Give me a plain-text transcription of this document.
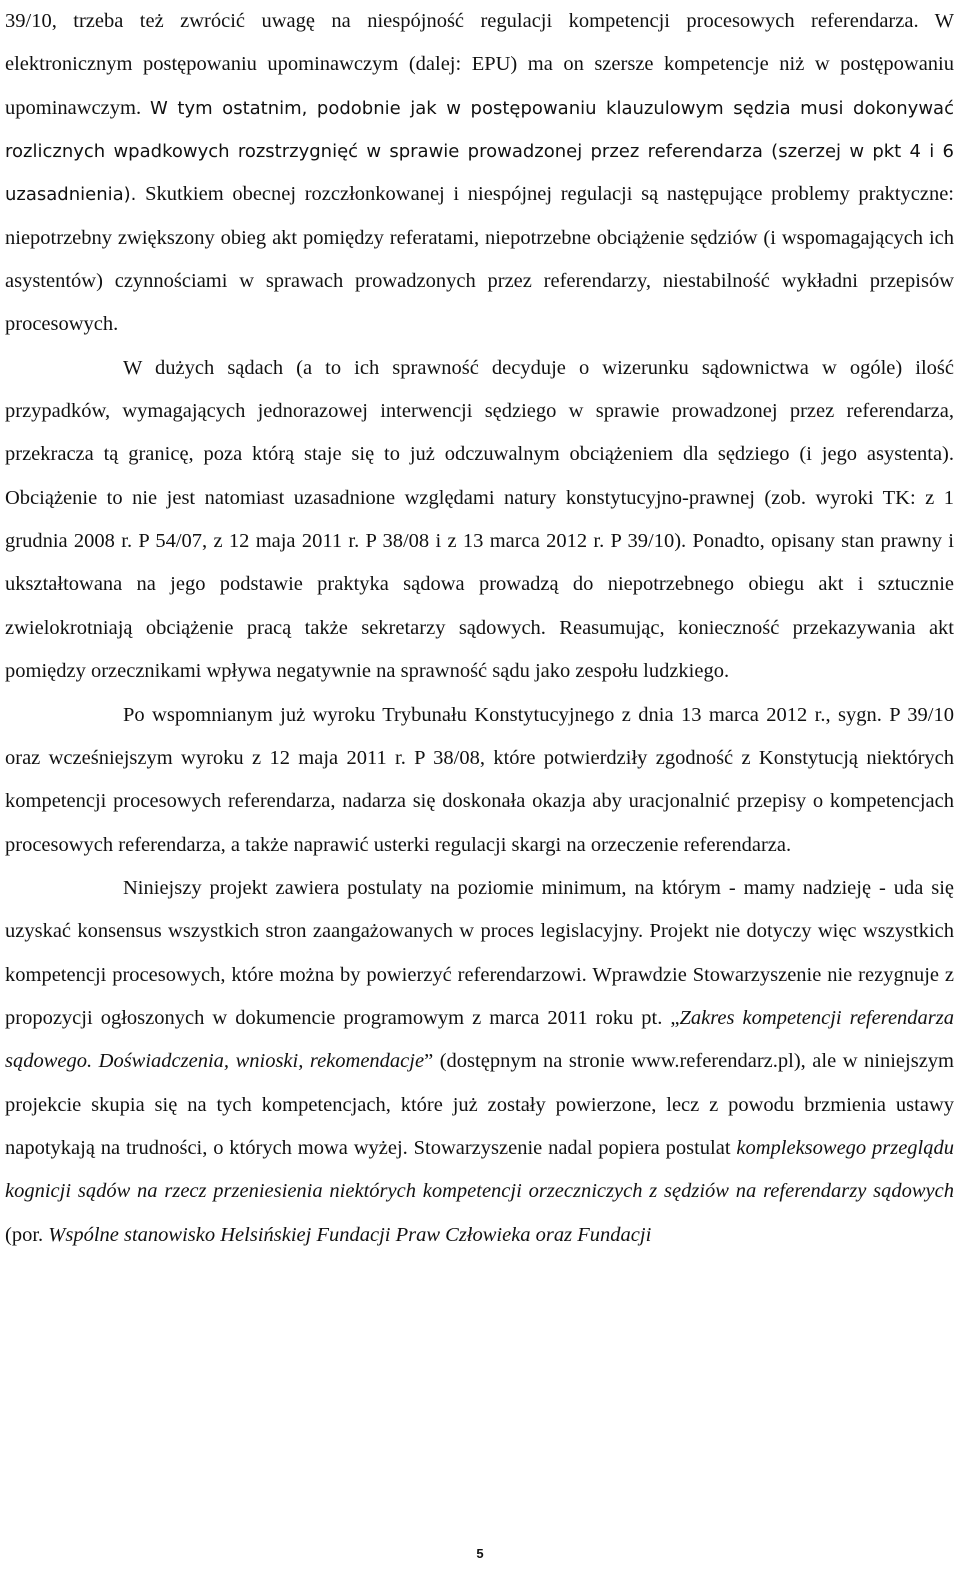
39/10, trzeba też zwrócić uwagę na niespójność regulacji kompetencji procesowych referendarza. W elektronicznym postępowaniu upominawczym (dalej: EPU) ma on szersze kompetencje niż w postępowaniu upominawczym. W tym ostatnim, podobnie jak w postępowaniu klauzulowym sędzia musi dokonywać rozlicznych wpadkowych rozstrzygnięć w sprawie prowadzonej przez referendarza (szerzej w pkt 4 i 6 uzasadnienia). Skutkiem obecnej rozczłonkowanej i niespójnej regulacji są następujące problemy praktyczne: niepotrzebny zwiększony obieg akt pomiędzy referatami, niepotrzebne obciążenie sędziów (i wspomagających ich asystentów) czynnościami w sprawach prowadzonych przez referendarzy, niestabilność wykładni przepisów procesowych.

W dużych sądach (a to ich sprawność decyduje o wizerunku sądownictwa w ogóle) ilość przypadków, wymagających jednorazowej interwencji sędziego w sprawie prowadzonej przez referendarza, przekracza tą granicę, poza którą staje się to już odczuwalnym obciążeniem dla sędziego (i jego asystenta). Obciążenie to nie jest natomiast uzasadnione względami natury konstytucyjno-prawnej (zob. wyroki TK: z 1 grudnia 2008 r. P 54/07, z 12 maja 2011 r. P 38/08 i z 13 marca 2012 r. P 39/10). Ponadto, opisany stan prawny i ukształtowana na jego podstawie praktyka sądowa prowadzą do niepotrzebnego obiegu akt i sztucznie zwielokrotniają obciążenie pracą także sekretarzy sądowych. Reasumując, konieczność przekazywania akt pomiędzy orzecznikami wpływa negatywnie na sprawność sądu jako zespołu ludzkiego.

Po wspomnianym już wyroku Trybunału Konstytucyjnego z dnia 13 marca 2012 r., sygn. P 39/10 oraz wcześniejszym wyroku z 12 maja 2011 r. P 38/08, które potwierdziły zgodność z Konstytucją niektórych kompetencji procesowych referendarza, nadarza się doskonała okazja aby uracjonalnić przepisy o kompetencjach procesowych referendarza, a także naprawić usterki regulacji skargi na orzeczenie referendarza.

Niniejszy projekt zawiera postulaty na poziomie minimum, na którym - mamy nadzieję - uda się uzyskać konsensus wszystkich stron zaangażowanych w proces legislacyjny. Projekt nie dotyczy więc wszystkich kompetencji procesowych, które można by powierzyć referendarzowi. Wprawdzie Stowarzyszenie nie rezygnuje z propozycji ogłoszonych w dokumencie programowym z marca 2011 roku pt. „Zakres kompetencji referendarza sądowego. Doświadczenia, wnioski, rekomendacje” (dostępnym na stronie www.referendarz.pl), ale w niniejszym projekcie skupia się na tych kompetencjach, które już zostały powierzone, lecz z powodu brzmienia ustawy napotykają na trudności, o których mowa wyżej. Stowarzyszenie nadal popiera postulat kompleksowego przeglądu kognicji sądów na rzecz przeniesienia niektórych kompetencji orzeczniczych z sędziów na referendarzy sądowych (por. Wspólne stanowisko Helsińskiej Fundacji Praw Człowieka oraz Fundacji

5
